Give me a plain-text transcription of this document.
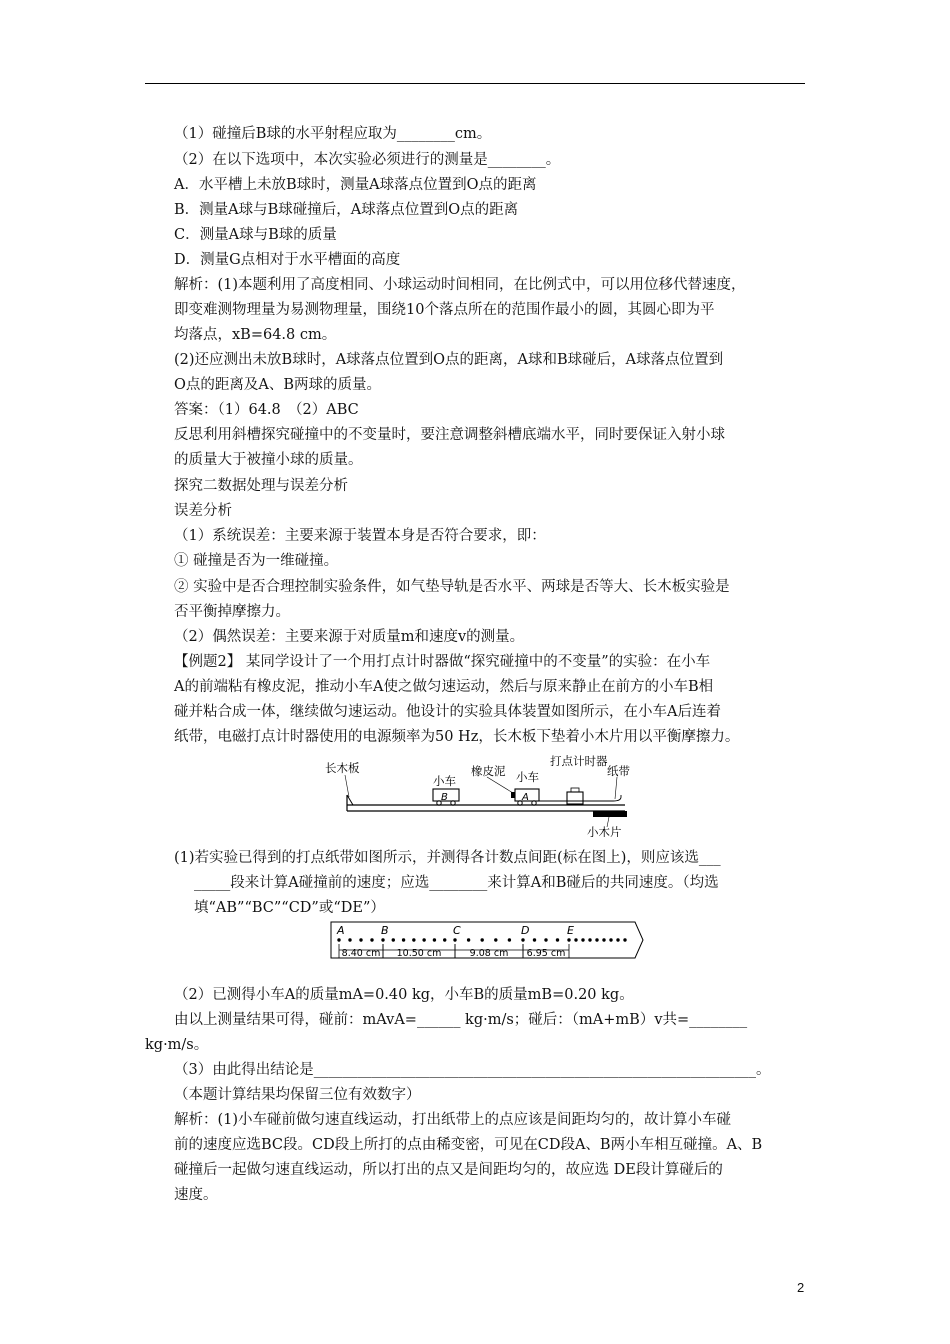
（1）碰撞后B球的水平射程应取为________cm。
（2）在以下选项中，本次实验必须进行的测量是________。
A．水平槽上未放B球时，测量A球落点位置到O点的距离
B．测量A球与B球碰撞后，A球落点位置到O点的距离
C．测量A球与B球的质量
D．测量G点相对于水平槽面的高度
解析：(1)本题利用了高度相同、小球运动时间相同，在比例式中，可以用位移代替速度，
即变难测物理量为易测物理量，围绕10个落点所在的范围作最小的圆，其圆心即为平
均落点，xB=64.8 cm。
(2)还应测出未放B球时，A球落点位置到O点的距离，A球和B球碰后，A球落点位置到
O点的距离及A、B两球的质量。
答案：（1）64.8　（2）ABC
反思利用斜槽探究碰撞中的不变量时，要注意调整斜槽底端水平，同时要保证入射小球
的质量大于被撞小球的质量。
探究二数据处理与误差分析
误差分析
（1）系统误差：主要来源于装置本身是否符合要求，即：
① 碰撞是否为一维碰撞。
② 实验中是否合理控制实验条件，如气垫导轨是否水平、两球是否等大、长木板实验是
否平衡掉摩擦力。
（2）偶然误差：主要来源于对质量m和速度v的测量。
【例题2】 某同学设计了一个用打点计时器做“探究碰撞中的不变量”的实验：在小车
A的前端粘有橡皮泥，推动小车A使之做匀速运动，然后与原来静止在前方的小车B相
碰并粘合成一体，继续做匀速运动。他设计的实验具体装置如图所示，在小车A后连着
纸带，电磁打点计时器使用的电源频率为50 Hz，长木板下垫着小木片用以平衡摩擦力。
(1)若实验已得到的打点纸带如图所示，并测得各计数点间距(标在图上)，则应该选___
_____段来计算A碰撞前的速度；应选________来计算A和B碰后的共同速度。（均选
填“AB”“BC”“CD”或“DE”）
（2）已测得小车A的质量mA=0.40 kg，小车B的质量mB=0.20 kg。
由以上测量结果可得，碰前：mAvA=______ kg·m/s；碰后：（mA+mB）v共=________
kg·m/s。
（3）由此得出结论是_____________________________________________________________。
（本题计算结果均保留三位有效数字）
解析：(1)小车碰前做匀速直线运动，打出纸带上的点应该是间距均匀的，故计算小车碰
前的速度应选BC段。CD段上所打的点由稀变密，可见在CD段A、B两小车相互碰撞。A、B
碰撞后一起做匀速直线运动，所以打出的点又是间距均匀的，故应选 DE段计算碰后的
速度。
长木板
小车
B
橡皮泥 小车
A
打点计时器
纸带
小木片
A	B	C	D	E
8.40 cm 10.50 cm	9.08 cm 6.95 cm
2
